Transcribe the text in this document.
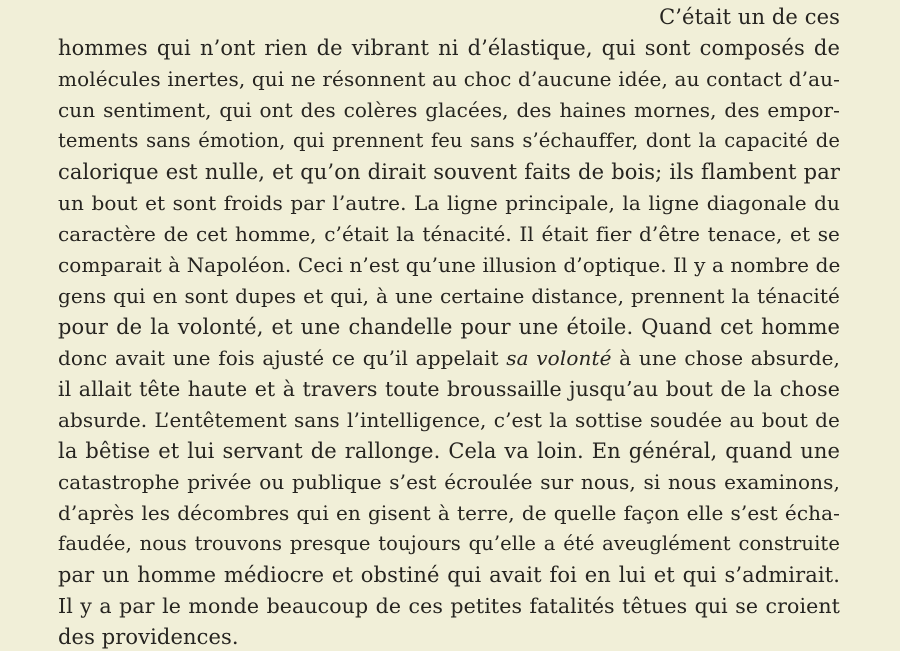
C’était un de ces
hommes qui n’ont rien de vibrant ni d’élastique, qui sont composés de
molécules inertes, qui ne résonnent au choc d’aucune idée, au contact d’au-
cun sentiment, qui ont des colères glacées, des haines mornes, des empor-
tements sans émotion, qui prennent feu sans s’échauffer, dont la capacité de
calorique est nulle, et qu’on dirait souvent faits de bois; ils flambent par
un bout et sont froids par l’autre. La ligne principale, la ligne diagonale du
caractère de cet homme, c’était la ténacité. Il était fier d’être tenace, et se
comparait à Napoléon. Ceci n’est qu’une illusion d’optique. Il y a nombre de
gens qui en sont dupes et qui, à une certaine distance, prennent la ténacité
pour de la volonté, et une chandelle pour une étoile. Quand cet homme
donc avait une fois ajusté ce qu’il appelait sa volonté à une chose absurde,
il allait tête haute et à travers toute broussaille jusqu’au bout de la chose
absurde. L’entêtement sans l’intelligence, c’est la sottise soudée au bout de
la bêtise et lui servant de rallonge. Cela va loin. En général, quand une
catastrophe privée ou publique s’est écroulée sur nous, si nous examinons,
d’après les décombres qui en gisent à terre, de quelle façon elle s’est écha-
faudée, nous trouvons presque toujours qu’elle a été aveuglément construite
par un homme médiocre et obstiné qui avait foi en lui et qui s’admirait.
Il y a par le monde beaucoup de ces petites fatalités têtues qui se croient
des providences.
